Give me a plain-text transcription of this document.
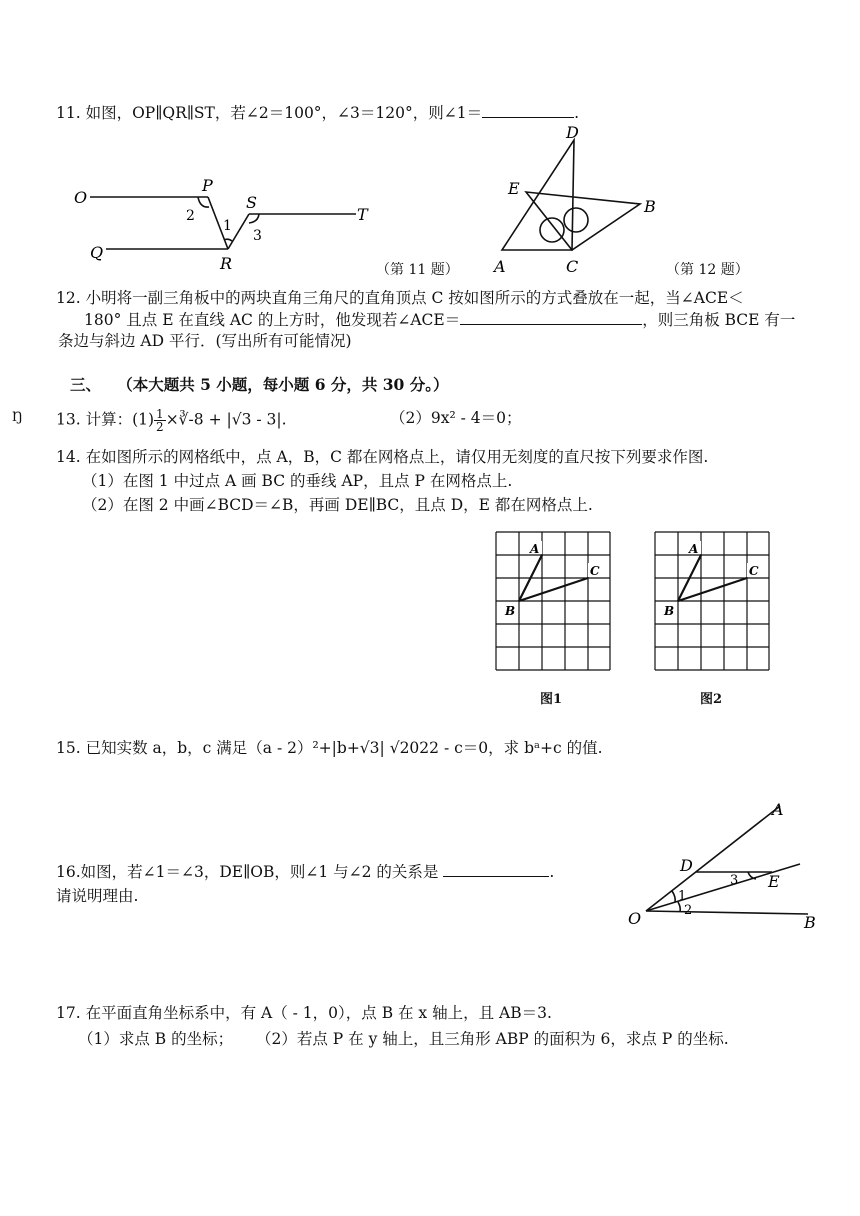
11. 如图，OP∥QR∥ST，若∠2＝100°，∠3＝120°，则∠1＝	.
O
P
Q
R
S
T
1
2
3
（第 11 题）
D
E
B
A	C	（第 12 题）
12. 小明将一副三角板中的两块直角三角尺的直角顶点 C 按如图所示的方式叠放在一起，当∠ACE＜
180° 且点 E 在直线 AC 的上方时，他发现若∠ACE＝	，则三角板 BCE 有一
条边与斜边 AD 平行．(写出所有可能情况)
三、 （本大题共 5 小题，每小题 6 分，共 30 分。）
Ŋ 13. 计算：$(1) \frac{1}{2}$ ×∛-8 + |√3 - 3|.	（2）9x² - 4＝0；
14. 在如图所示的网格纸中，点 A，B，C 都在网格点上，请仅用无刻度的直尺按下列要求作图.
（1）在图 1 中过点 A 画 BC 的垂线 AP，且点 P 在网格点上.
（2）在图 2 中画∠BCD＝∠B，再画 DE∥BC，且点 D，E 都在网格点上.
A
C
B
A
C
B
图1	图2
15. 已知实数 a，b，c 满足（a - 2）²+|b+√3| √2022 - c＝0，求 bᵃ+c 的值.
16.如图，若∠1＝∠3，DE∥OB，则∠1 与∠2 的关系是	.
请说明理由.
A
D
E
O	B
1
2
3
17. 在平面直角坐标系中，有 A（ - 1，0），点 B 在 x 轴上，且 AB＝3.
（1）求点 B 的坐标； （2）若点 P 在 y 轴上，且三角形 ABP 的面积为 6，求点 P 的坐标.
